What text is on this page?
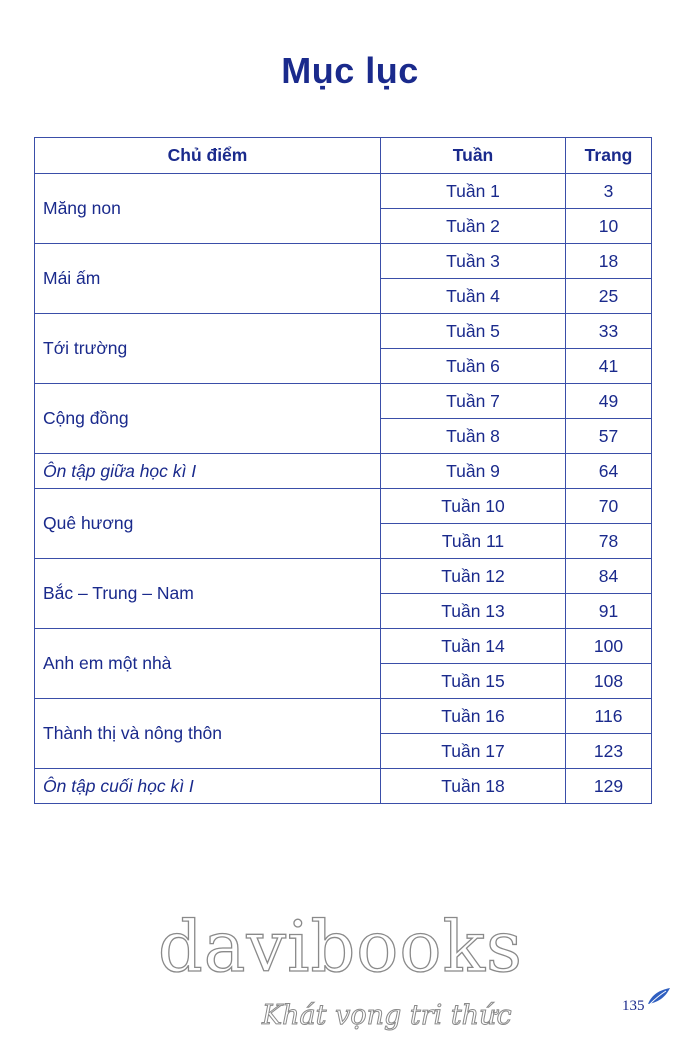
Mục lục
Chủ điểm	Tuần	Trang
Măng non	Tuần 1	3
	Tuần 2	10
Mái ấm	Tuần 3	18
	Tuần 4	25
Tới trường	Tuần 5	33
	Tuần 6	41
Cộng đồng	Tuần 7	49
	Tuần 8	57
Ôn tập giữa học kì I	Tuần 9	64
Quê hương	Tuần 10	70
	Tuần 11	78
Bắc – Trung – Nam	Tuần 12	84
	Tuần 13	91
Anh em một nhà	Tuần 14	100
	Tuần 15	108
Thành thị và nông thôn	Tuần 16	116
	Tuần 17	123
Ôn tập cuối học kì I	Tuần 18	129
davibooks
Khát vọng tri thức	135
